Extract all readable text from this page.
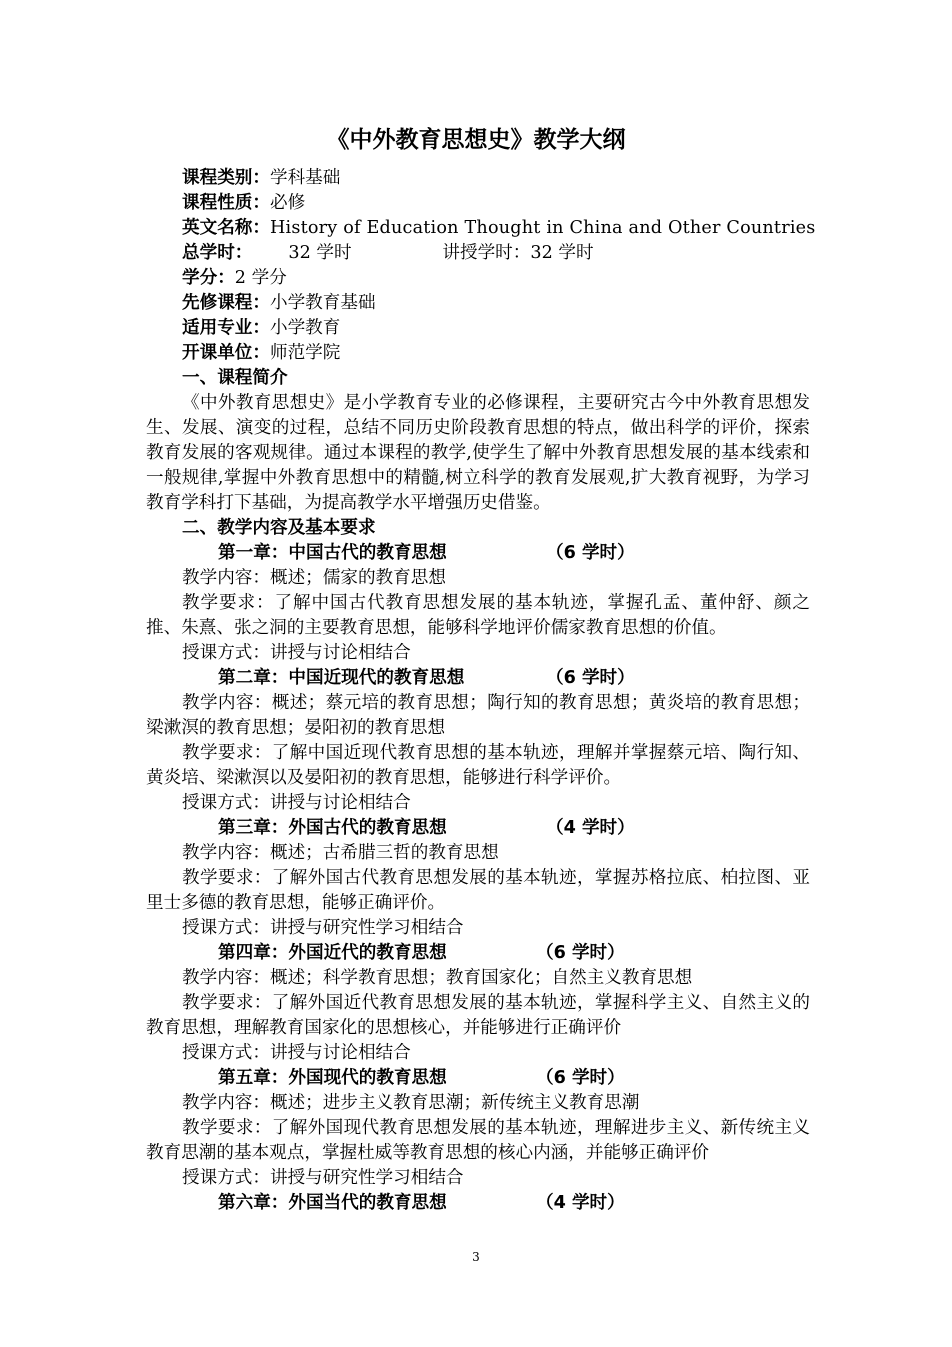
《中外教育思想史》教学大纲

课程类别：学科基础

课程性质：必修

英文名称：History of Education Thought in China and Other Countries

总学时： 32 学时	讲授学时：32 学时

学分：2 学分

先修课程：小学教育基础

适用专业：小学教育

开课单位：师范学院

一、课程简介

《中外教育思想史》是小学教育专业的必修课程，主要研究古今中外教育思想发生、发展、演变的过程，总结不同历史阶段教育思想的特点，做出科学的评价，探索教育发展的客观规律。通过本课程的教学,使学生了解中外教育思想发展的基本线索和一般规律,掌握中外教育思想中的精髓,树立科学的教育发展观,扩大教育视野，为学习教育学科打下基础，为提高教学水平增强历史借鉴。

二、教学内容及基本要求

第一章：中国古代的教育思想	（6 学时）

教学内容：概述；儒家的教育思想

教学要求：了解中国古代教育思想发展的基本轨迹，掌握孔孟、董仲舒、颜之推、朱熹、张之洞的主要教育思想，能够科学地评价儒家教育思想的价值。

授课方式：讲授与讨论相结合

第二章：中国近现代的教育思想	（6 学时）

教学内容：概述；蔡元培的教育思想；陶行知的教育思想；黄炎培的教育思想；梁漱溟的教育思想；晏阳初的教育思想

教学要求：了解中国近现代教育思想的基本轨迹，理解并掌握蔡元培、陶行知、黄炎培、梁漱溟以及晏阳初的教育思想，能够进行科学评价。

授课方式：讲授与讨论相结合

第三章：外国古代的教育思想	（4 学时）

教学内容：概述；古希腊三哲的教育思想

教学要求：了解外国古代教育思想发展的基本轨迹，掌握苏格拉底、柏拉图、亚里士多德的教育思想，能够正确评价。

授课方式：讲授与研究性学习相结合

第四章：外国近代的教育思想	（6 学时）

教学内容：概述；科学教育思想；教育国家化；自然主义教育思想

教学要求：了解外国近代教育思想发展的基本轨迹，掌握科学主义、自然主义的教育思想，理解教育国家化的思想核心，并能够进行正确评价

授课方式：讲授与讨论相结合

第五章：外国现代的教育思想	（6 学时）

教学内容：概述；进步主义教育思潮；新传统主义教育思潮

教学要求：了解外国现代教育思想发展的基本轨迹，理解进步主义、新传统主义教育思潮的基本观点，掌握杜威等教育思想的核心内涵，并能够正确评价

授课方式：讲授与研究性学习相结合

第六章：外国当代的教育思想	（4 学时）

3
